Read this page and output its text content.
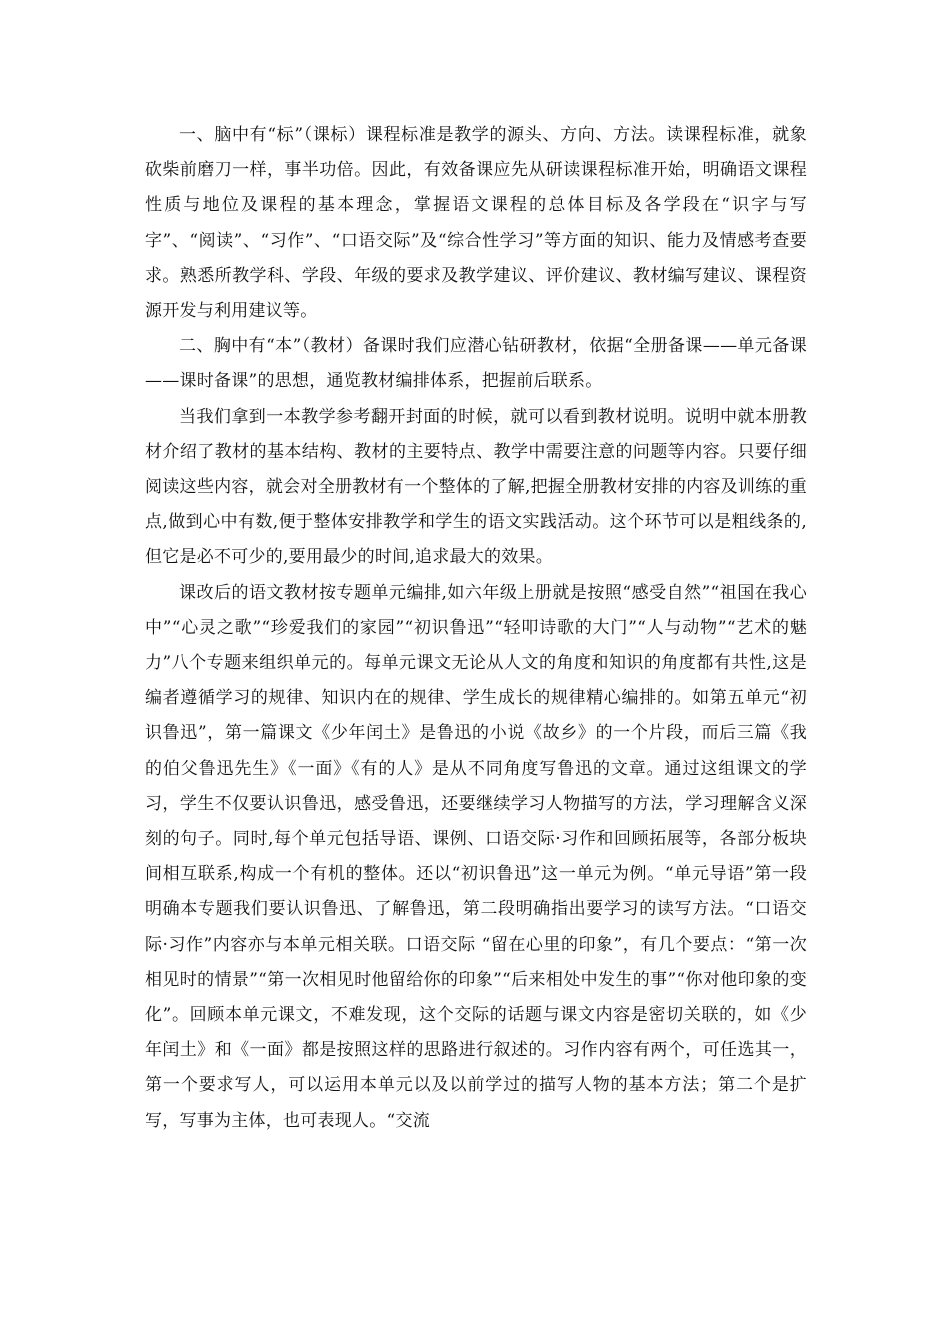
一、脑中有“标”（课标）课程标准是教学的源头、方向、方法。读课程标准，就象砍柴前磨刀一样，事半功倍。因此，有效备课应先从研读课程标准开始，明确语文课程性质与地位及课程的基本理念，掌握语文课程的总体目标及各学段在“识字与写字”、“阅读”、“习作”、“口语交际”及“综合性学习”等方面的知识、能力及情感考查要求。熟悉所教学科、学段、年级的要求及教学建议、评价建议、教材编写建议、课程资源开发与利用建议等。

二、胸中有“本”（教材）备课时我们应潜心钻研教材，依据“全册备课——单元备课——课时备课”的思想，通览教材编排体系，把握前后联系。

当我们拿到一本教学参考翻开封面的时候，就可以看到教材说明。说明中就本册教材介绍了教材的基本结构、教材的主要特点、教学中需要注意的问题等内容。只要仔细阅读这些内容，就会对全册教材有一个整体的了解,把握全册教材安排的内容及训练的重点,做到心中有数,便于整体安排教学和学生的语文实践活动。这个环节可以是粗线条的,但它是必不可少的,要用最少的时间,追求最大的效果。

课改后的语文教材按专题单元编排,如六年级上册就是按照“感受自然”“祖国在我心中”“心灵之歌”“珍爱我们的家园”“初识鲁迅”“轻叩诗歌的大门”“人与动物”“艺术的魅力”八个专题来组织单元的。每单元课文无论从人文的角度和知识的角度都有共性,这是编者遵循学习的规律、知识内在的规律、学生成长的规律精心编排的。如第五单元“初识鲁迅”，第一篇课文《少年闰土》是鲁迅的小说《故乡》的一个片段，而后三篇《我的伯父鲁迅先生》《一面》《有的人》是从不同角度写鲁迅的文章。通过这组课文的学习，学生不仅要认识鲁迅，感受鲁迅，还要继续学习人物描写的方法，学习理解含义深刻的句子。同时,每个单元包括导语、课例、口语交际·习作和回顾拓展等，各部分板块间相互联系,构成一个有机的整体。还以“初识鲁迅”这一单元为例。“单元导语”第一段明确本专题我们要认识鲁迅、了解鲁迅，第二段明确指出要学习的读写方法。“口语交际·习作”内容亦与本单元相关联。口语交际 “留在心里的印象”，有几个要点：“第一次相见时的情景”“第一次相见时他留给你的印象”“后来相处中发生的事”“你对他印象的变化”。回顾本单元课文，不难发现，这个交际的话题与课文内容是密切关联的，如《少年闰土》和《一面》都是按照这样的思路进行叙述的。习作内容有两个，可任选其一，第一个要求写人，可以运用本单元以及以前学过的描写人物的基本方法；第二个是扩写，写事为主体，也可表现人。“交流
